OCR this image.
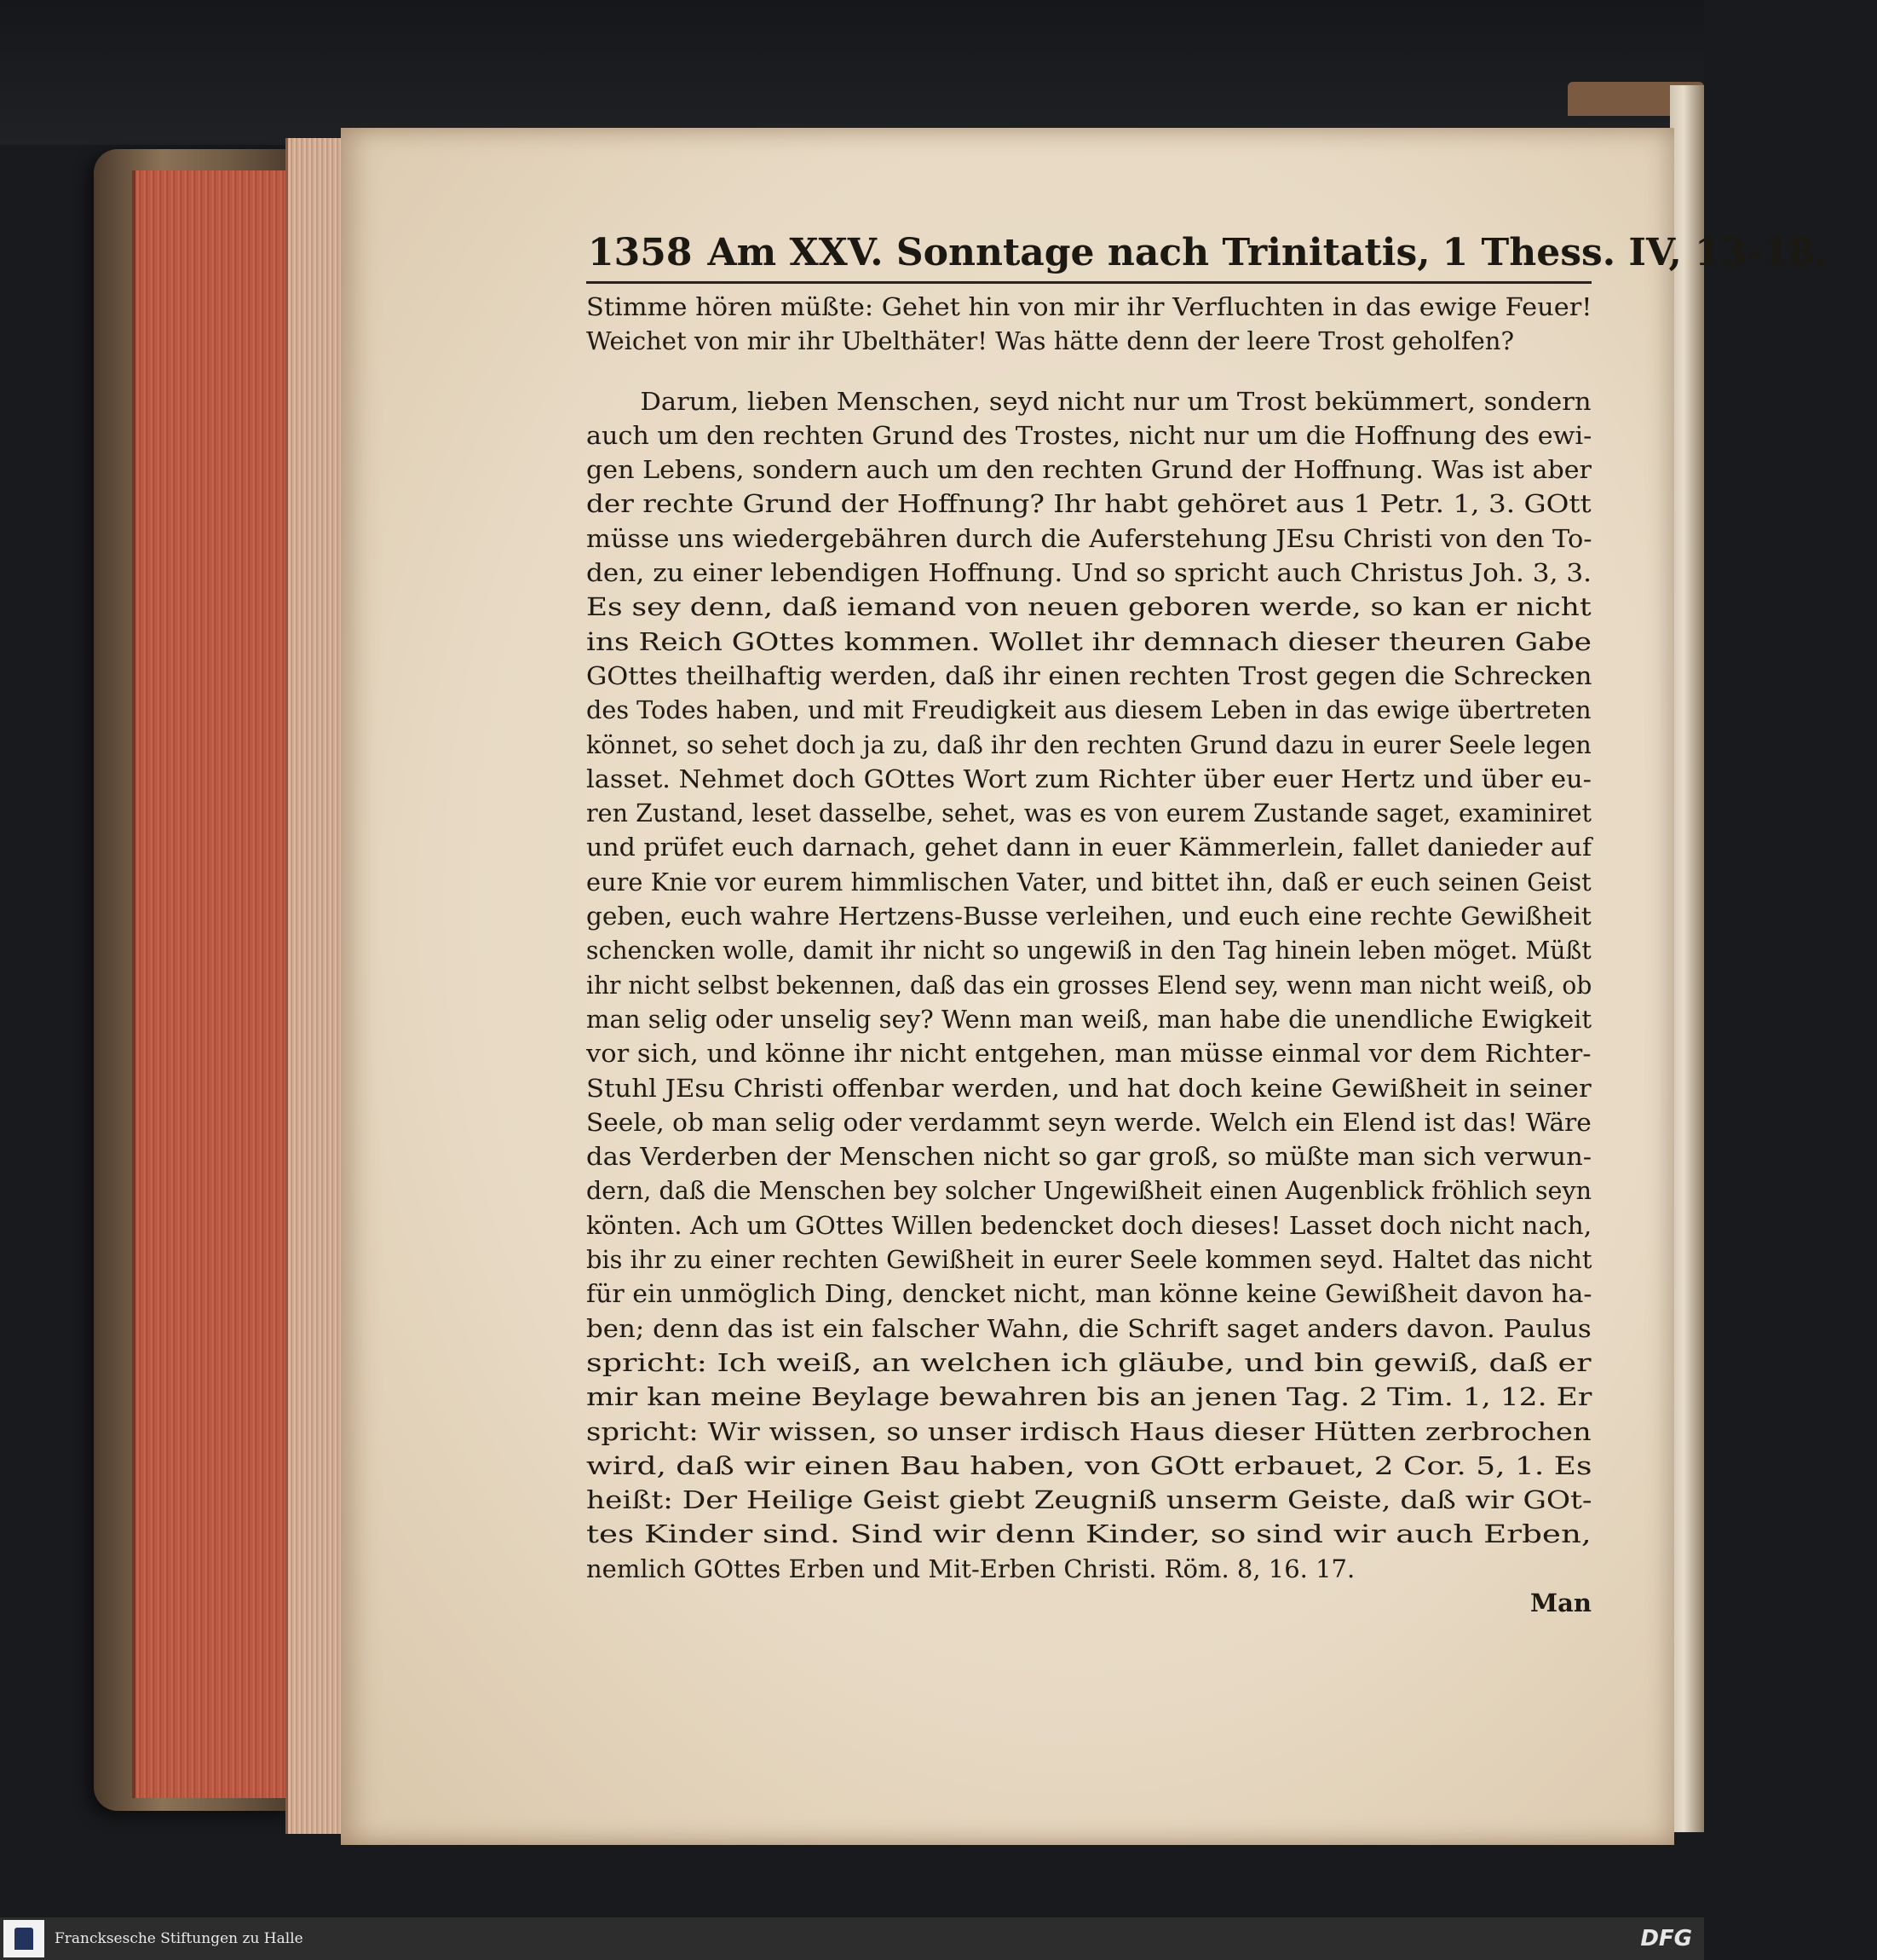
1358 Am XXV. Sonntage nach Trinitatis, 1 Thess. IV, 13-18.
Stimme hören müßte: Gehet hin von mir ihr Verfluchten in das ewige Feuer!
Weichet von mir ihr Ubelthäter! Was hätte denn der leere Trost geholfen?
Darum, lieben Menschen, seyd nicht nur um Trost bekümmert, sondern
auch um den rechten Grund des Trostes, nicht nur um die Hoffnung des ewi-
gen Lebens, sondern auch um den rechten Grund der Hoffnung. Was ist aber
der rechte Grund der Hoffnung? Ihr habt gehöret aus 1 Petr. 1, 3. GOtt
müsse uns wiedergebähren durch die Auferstehung JEsu Christi von den To-
den, zu einer lebendigen Hoffnung. Und so spricht auch Christus Joh. 3, 3.
Es sey denn, daß iemand von neuen geboren werde, so kan er nicht
ins Reich GOttes kommen. Wollet ihr demnach dieser theuren Gabe
GOttes theilhaftig werden, daß ihr einen rechten Trost gegen die Schrecken
des Todes haben, und mit Freudigkeit aus diesem Leben in das ewige übertreten
könnet, so sehet doch ja zu, daß ihr den rechten Grund dazu in eurer Seele legen
lasset. Nehmet doch GOttes Wort zum Richter über euer Hertz und über eu-
ren Zustand, leset dasselbe, sehet, was es von eurem Zustande saget, examiniret
und prüfet euch darnach, gehet dann in euer Kämmerlein, fallet danieder auf
eure Knie vor eurem himmlischen Vater, und bittet ihn, daß er euch seinen Geist
geben, euch wahre Hertzens-Busse verleihen, und euch eine rechte Gewißheit
schencken wolle, damit ihr nicht so ungewiß in den Tag hinein leben möget. Müßt
ihr nicht selbst bekennen, daß das ein grosses Elend sey, wenn man nicht weiß, ob
man selig oder unselig sey? Wenn man weiß, man habe die unendliche Ewigkeit
vor sich, und könne ihr nicht entgehen, man müsse einmal vor dem Richter-
Stuhl JEsu Christi offenbar werden, und hat doch keine Gewißheit in seiner
Seele, ob man selig oder verdammt seyn werde. Welch ein Elend ist das! Wäre
das Verderben der Menschen nicht so gar groß, so müßte man sich verwun-
dern, daß die Menschen bey solcher Ungewißheit einen Augenblick fröhlich seyn
könten. Ach um GOttes Willen bedencket doch dieses! Lasset doch nicht nach,
bis ihr zu einer rechten Gewißheit in eurer Seele kommen seyd. Haltet das nicht
für ein unmöglich Ding, dencket nicht, man könne keine Gewißheit davon ha-
ben; denn das ist ein falscher Wahn, die Schrift saget anders davon. Paulus
spricht: Ich weiß, an welchen ich gläube, und bin gewiß, daß er
mir kan meine Beylage bewahren bis an jenen Tag. 2 Tim. 1, 12. Er
spricht: Wir wissen, so unser irdisch Haus dieser Hütten zerbrochen
wird, daß wir einen Bau haben, von GOtt erbauet, 2 Cor. 5, 1. Es
heißt: Der Heilige Geist giebt Zeugniß unserm Geiste, daß wir GOt-
tes Kinder sind. Sind wir denn Kinder, so sind wir auch Erben,
nemlich GOttes Erben und Mit-Erben Christi. Röm. 8, 16. 17.
Man
Francksesche Stiftungen zu Halle	DFG
